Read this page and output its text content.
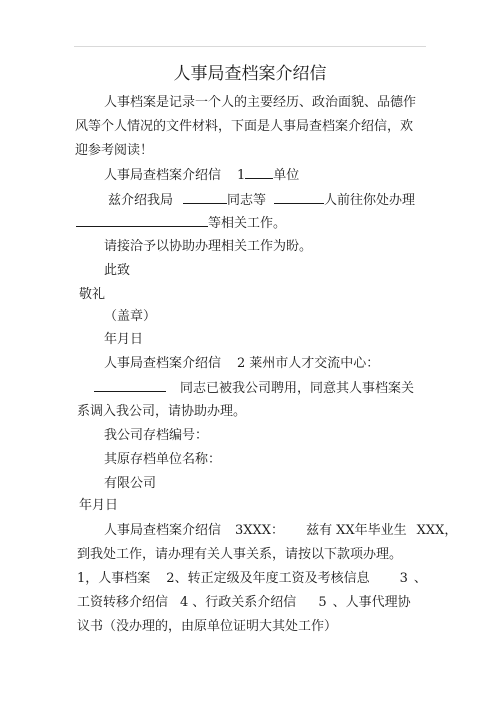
人事局查档案介绍信
人事档案是记录一个人的主要经历、政治面貌、品德作
风等个人情况的文件材料，下面是人事局查档案介绍信，欢
迎参考阅读！
人事局查档案介绍信 1 单位
兹介绍我局	同志等	人前往你处办理
等相关工作。
请接洽予以协助办理相关工作为盼。
此致
敬礼
（盖章）
年月日
人事局查档案介绍信 2 莱州市人才交流中心：
同志已被我公司聘用，同意其人事档案关
系调入我公司，请协助办理。
我公司存档编号：
其原存档单位名称：
有限公司
年月日
人事局查档案介绍信 3XXX： 兹有 XX年毕业生 XXX，
到我处工作，请办理有关人事关系，请按以下款项办理。
1，人事档案 2、转正定级及年度工资及考核信息 3 、
工资转移介绍信 4 、行政关系介绍信 5 、人事代理协
议书（没办理的，由原单位证明大其处工作）
